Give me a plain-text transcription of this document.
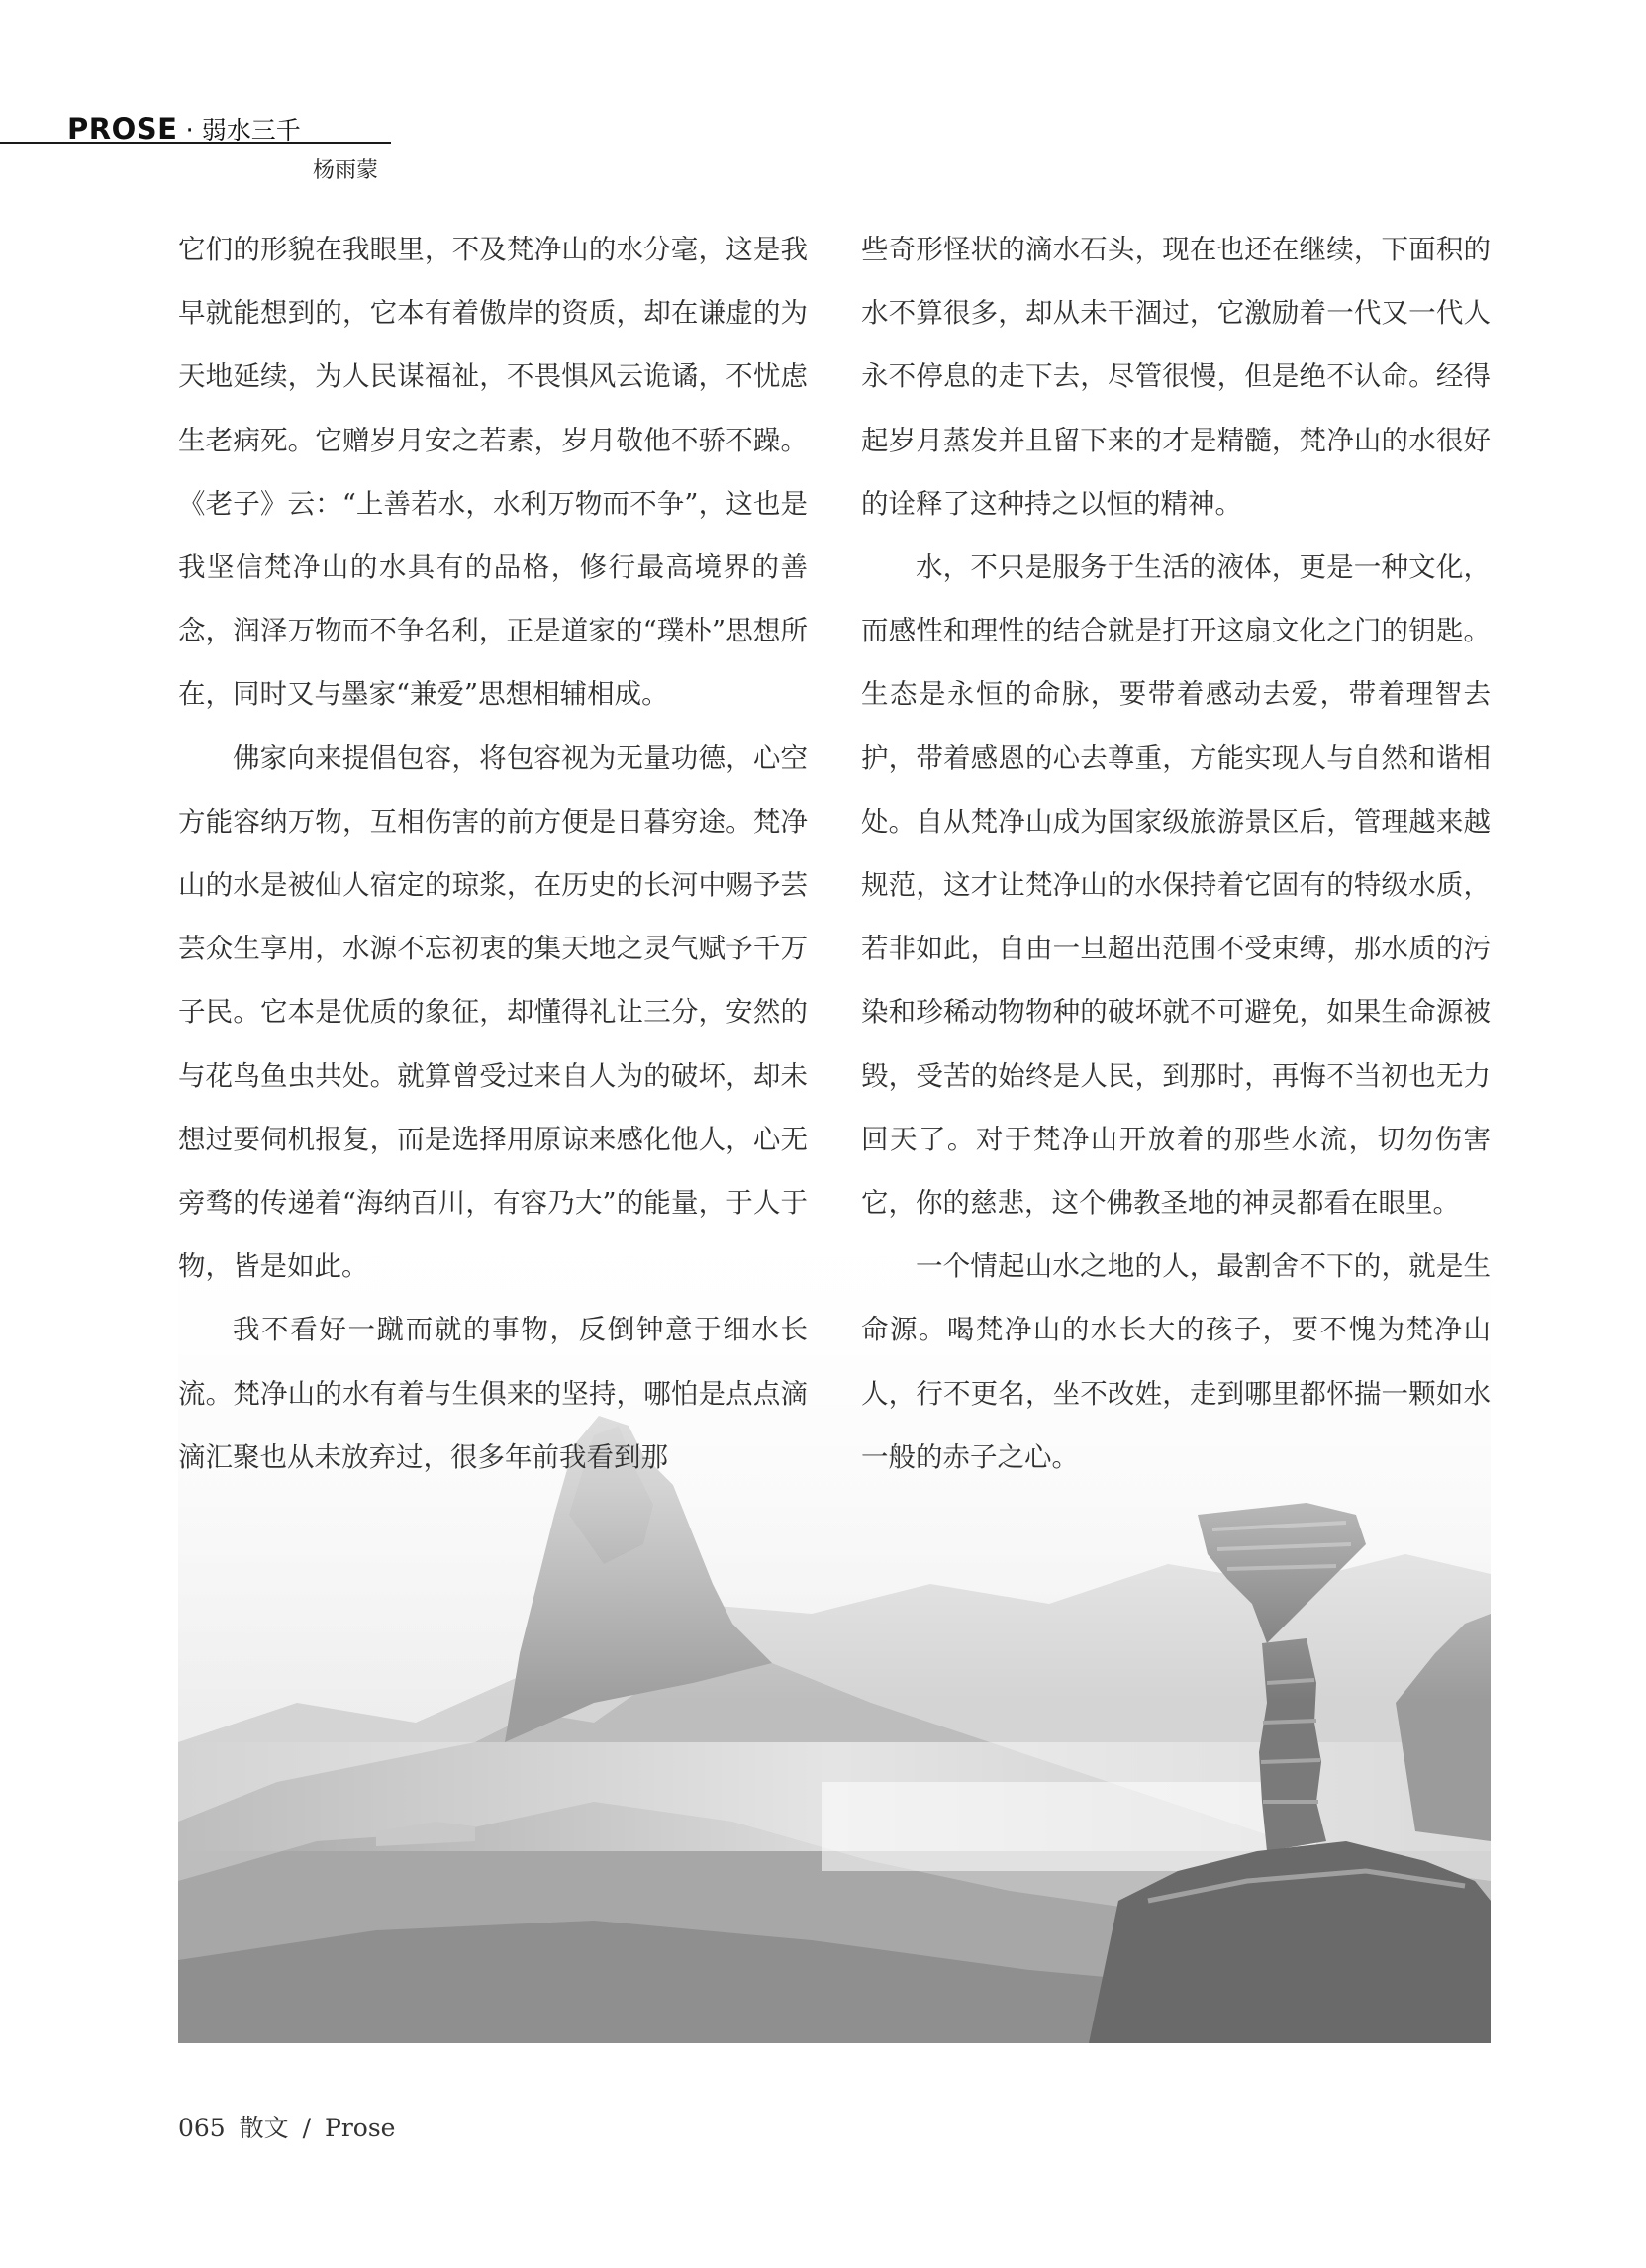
PROSE · 弱水三千
杨雨蒙

它们的形貌在我眼里，不及梵净山的水分毫，这是我早就能想到的，它本有着傲岸的资质，却在谦虚的为天地延续，为人民谋福祉，不畏惧风云诡谲，不忧虑生老病死。它赠岁月安之若素，岁月敬他不骄不躁。《老子》云：“上善若水，水利万物而不争”，这也是我坚信梵净山的水具有的品格，修行最高境界的善念，润泽万物而不争名利，正是道家的“璞朴”思想所在，同时又与墨家“兼爱”思想相辅相成。

佛家向来提倡包容，将包容视为无量功德，心空方能容纳万物，互相伤害的前方便是日暮穷途。梵净山的水是被仙人宿定的琼浆，在历史的长河中赐予芸芸众生享用，水源不忘初衷的集天地之灵气赋予千万子民。它本是优质的象征，却懂得礼让三分，安然的与花鸟鱼虫共处。就算曾受过来自人为的破坏，却未想过要伺机报复，而是选择用原谅来感化他人，心无旁骛的传递着“海纳百川，有容乃大”的能量，于人于物，皆是如此。

我不看好一蹴而就的事物，反倒钟意于细水长流。梵净山的水有着与生俱来的坚持，哪怕是点点滴滴汇聚也从未放弃过，很多年前我看到那

些奇形怪状的滴水石头，现在也还在继续，下面积的水不算很多，却从未干涸过，它激励着一代又一代人永不停息的走下去，尽管很慢，但是绝不认命。经得起岁月蒸发并且留下来的才是精髓，梵净山的水很好的诠释了这种持之以恒的精神。

水，不只是服务于生活的液体，更是一种文化，而感性和理性的结合就是打开这扇文化之门的钥匙。生态是永恒的命脉，要带着感动去爱，带着理智去护，带着感恩的心去尊重，方能实现人与自然和谐相处。自从梵净山成为国家级旅游景区后，管理越来越规范，这才让梵净山的水保持着它固有的特级水质，若非如此，自由一旦超出范围不受束缚，那水质的污染和珍稀动物物种的破坏就不可避免，如果生命源被毁，受苦的始终是人民，到那时，再悔不当初也无力回天了。对于梵净山开放着的那些水流，切勿伤害它，你的慈悲，这个佛教圣地的神灵都看在眼里。

一个情起山水之地的人，最割舍不下的，就是生命源。喝梵净山的水长大的孩子，要不愧为梵净山人，行不更名，坐不改姓，走到哪里都怀揣一颗如水一般的赤子之心。

065 散文 / Prose
